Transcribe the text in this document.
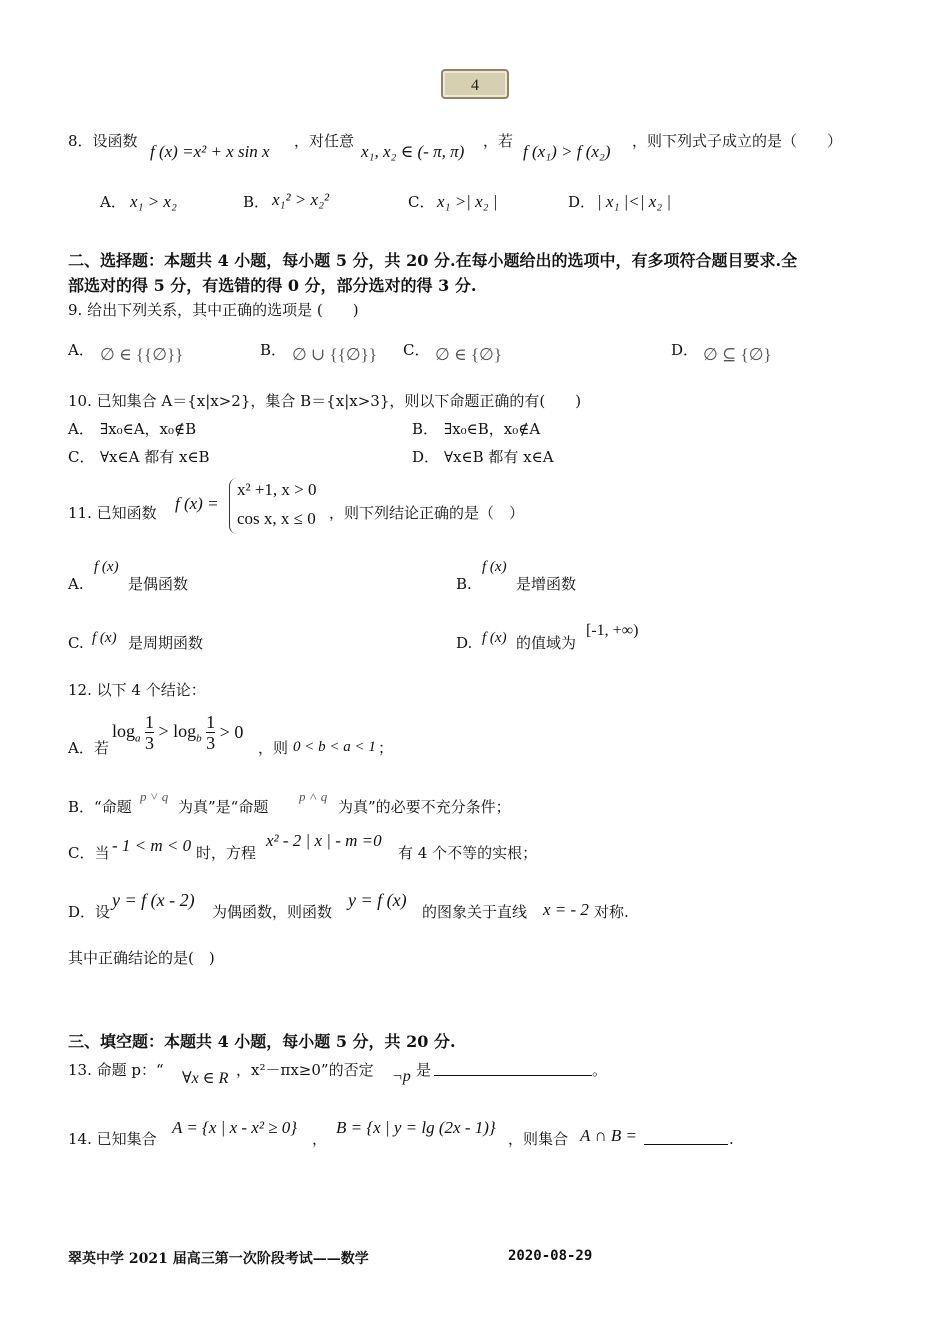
4
8．设函数
f (x) =x² + x sin x
，对任意
x₁, x₂ ∈ (- π, π)
，若
f (x₁) > f (x₂)
，则下列式子成立的是（　　）
A． x₁ > x₂	B． x₁² > x₂²	C． x₁ >| x₂ |	D． | x₁ |<| x₂ |
二、选择题：本题共 4 小题，每小题 5 分，共 20 分.在每小题给出的选项中，有多项符合题目要求.全
部选对的得 5 分，有选错的得 0 分，部分选对的得 3 分.
9. 给出下列关系，其中正确的选项是 (　　)
A． ∅ ∈ {{∅}}	B． ∅ ∪ {{∅}} C． ∅ ∈ {∅}	D． ∅ ⊆ {∅}
10. 已知集合 A＝{x|x>2}，集合 B＝{x|x>3}，则以下命题正确的有(　　)
A． ∃x₀∈A，x₀∉B	B． ∃x₀∈B，x₀∉A
C． ∀x∈A 都有 x∈B	D． ∀x∈B 都有 x∈A
11. 已知函数 f (x) =
x² +1, x > 0
cos x, x ≤ 0 ，则下列结论正确的是（　）
A.
f (x)
是偶函数	B.
f (x)
是增函数
C. f (x) 是周期函数	D. f (x) 的值域为
[-1, +∞)
12. 以下 4 个结论：
A．若
$\log_a \frac{1}{3} > \log_b \frac{1}{3} > 0$
，则 0 < b < a < 1 ；
B．“命题
p ˅ q
为真”是“命题
p ˄ q
为真”的必要不充分条件；
C．当 - 1 < m < 0 时，方程
x² - 2 | x | - m =0
有 4 个不等的实根；
D．设
y = f (x - 2)
为偶函数，则函数
y = f (x)
的图象关于直线 x = - 2 对称.
其中正确结论的是(　)
三、填空题：本题共 4 小题，每小题 5 分，共 20 分.
13. 命题 p：“ ∀x ∈ R ，x²－πx≥0”的否定 ¬p 是	。
14. 已知集合
A = {x | x - x² ≥ 0}
，
B = {x | y = lg (2x - 1)}
，则集合 A ∩ B =	.
翠英中学 2021 届高三第一次阶段考试——数学	2020-08-29
